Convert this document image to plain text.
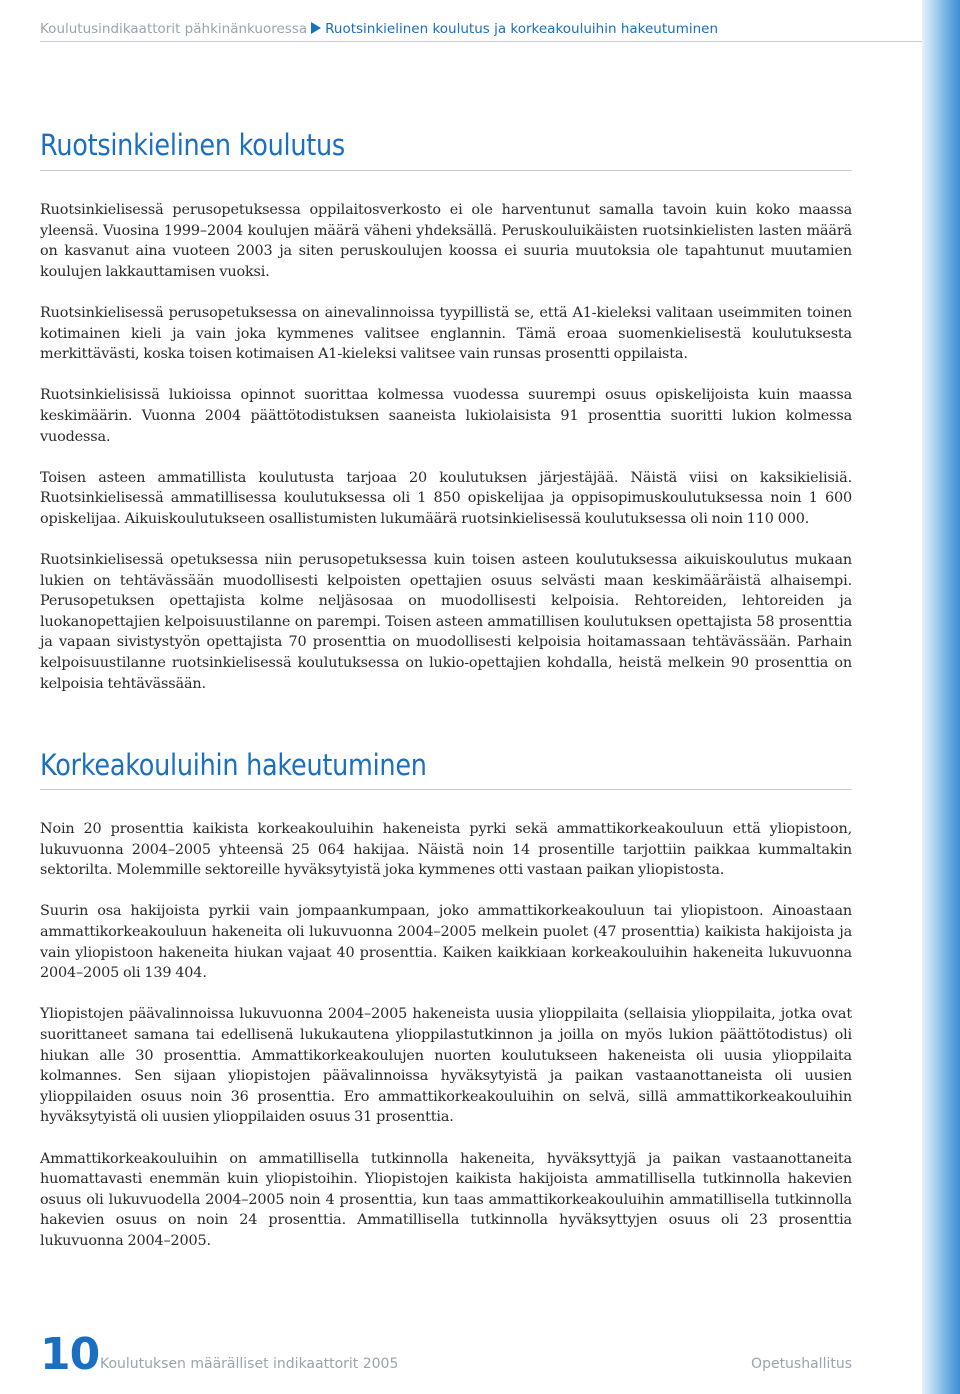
Koulutusindikaattorit pähkinänkuoressa Ruotsinkielinen koulutus ja korkeakouluihin hakeutuminen
Ruotsinkielinen koulutus

Ruotsinkielisessä perusopetuksessa oppilaitosverkosto ei ole harventunut samalla tavoin kuin koko maassa yleensä. Vuosina 1999–2004 koulujen määrä väheni yhdeksällä. Peruskouluikäisten ruotsinkielisten lasten määrä on kasvanut aina vuoteen 2003 ja siten peruskoulujen koossa ei suuria muutoksia ole tapahtunut muutamien koulujen lakkauttamisen vuoksi.

Ruotsinkielisessä perusopetuksessa on ainevalinnoissa tyypillistä se, että A1-kieleksi valitaan useimmiten toinen kotimainen kieli ja vain joka kymmenes valitsee englannin. Tämä eroaa suomenkielisestä koulutuksesta merkittävästi, koska toisen kotimaisen A1-kieleksi valitsee vain runsas prosentti oppilaista.

Ruotsinkielisissä lukioissa opinnot suorittaa kolmessa vuodessa suurempi osuus opiskelijoista kuin maassa keskimäärin. Vuonna 2004 päättötodistuksen saaneista lukiolaisista 91 prosenttia suoritti lukion kolmessa vuodessa.

Toisen asteen ammatillista koulutusta tarjoaa 20 koulutuksen järjestäjää. Näistä viisi on kaksikielisiä. Ruotsinkielisessä ammatillisessa koulutuksessa oli 1 850 opiskelijaa ja oppisopimuskoulutuksessa noin 1 600 opiskelijaa. Aikuiskoulutukseen osallistumisten lukumäärä ruotsinkielisessä koulutuksessa oli noin 110 000.

Ruotsinkielisessä opetuksessa niin perusopetuksessa kuin toisen asteen koulutuksessa aikuiskoulutus mukaan lukien on tehtävässään muodollisesti kelpoisten opettajien osuus selvästi maan keskimääräistä alhaisempi. Perusopetuksen opettajista kolme neljäsosaa on muodollisesti kelpoisia. Rehtoreiden, lehtoreiden ja luokanopettajien kelpoisuustilanne on parempi. Toisen asteen ammatillisen koulutuksen opettajista 58 prosenttia ja vapaan sivistystyön opettajista 70 prosenttia on muodollisesti kelpoisia hoitamassaan tehtävässään. Parhain kelpoisuustilanne ruotsinkielisessä koulutuksessa on lukio-opettajien kohdalla, heistä melkein 90 prosenttia on kelpoisia tehtävässään.

Korkeakouluihin hakeutuminen

Noin 20 prosenttia kaikista korkeakouluihin hakeneista pyrki sekä ammattikorkeakouluun että yliopistoon, lukuvuonna 2004–2005 yhteensä 25 064 hakijaa. Näistä noin 14 prosentille tarjottiin paikkaa kummaltakin sektorilta. Molemmille sektoreille hyväksytyistä joka kymmenes otti vastaan paikan yliopistosta.

Suurin osa hakijoista pyrkii vain jompaankumpaan, joko ammattikorkeakouluun tai yliopistoon. Ainoastaan ammattikorkeakouluun hakeneita oli lukuvuonna 2004–2005 melkein puolet (47 prosenttia) kaikista hakijoista ja vain yliopistoon hakeneita hiukan vajaat 40 prosenttia. Kaiken kaikkiaan korkeakouluihin hakeneita lukuvuonna 2004–2005 oli 139 404.

Yliopistojen päävalinnoissa lukuvuonna 2004–2005 hakeneista uusia ylioppilaita (sellaisia ylioppilaita, jotka ovat suorittaneet samana tai edellisenä lukukautena ylioppilastutkinnon ja joilla on myös lukion päättötodistus) oli hiukan alle 30 prosenttia. Ammattikorkeakoulujen nuorten koulutukseen hakeneista oli uusia ylioppilaita kolmannes. Sen sijaan yliopistojen päävalinnoissa hyväksytyistä ja paikan vastaanottaneista oli uusien ylioppilaiden osuus noin 36 prosenttia. Ero ammattikorkeakouluihin on selvä, sillä ammattikorkeakouluihin hyväksytyistä oli uusien ylioppilaiden osuus 31 prosenttia.

Ammattikorkeakouluihin on ammatillisella tutkinnolla hakeneita, hyväksyttyjä ja paikan vastaanottaneita huomattavasti enemmän kuin yliopistoihin. Yliopistojen kaikista hakijoista ammatillisella tutkinnolla hakevien osuus oli lukuvuodella 2004–2005 noin 4 prosenttia, kun taas ammattikorkeakouluihin ammatillisella tutkinnolla hakevien osuus on noin 24 prosenttia. Ammatillisella tutkinnolla hyväksyttyjen osuus oli 23 prosenttia lukuvuonna 2004–2005.

10 Koulutuksen määrälliset indikaattorit 2005	Opetushallitus
